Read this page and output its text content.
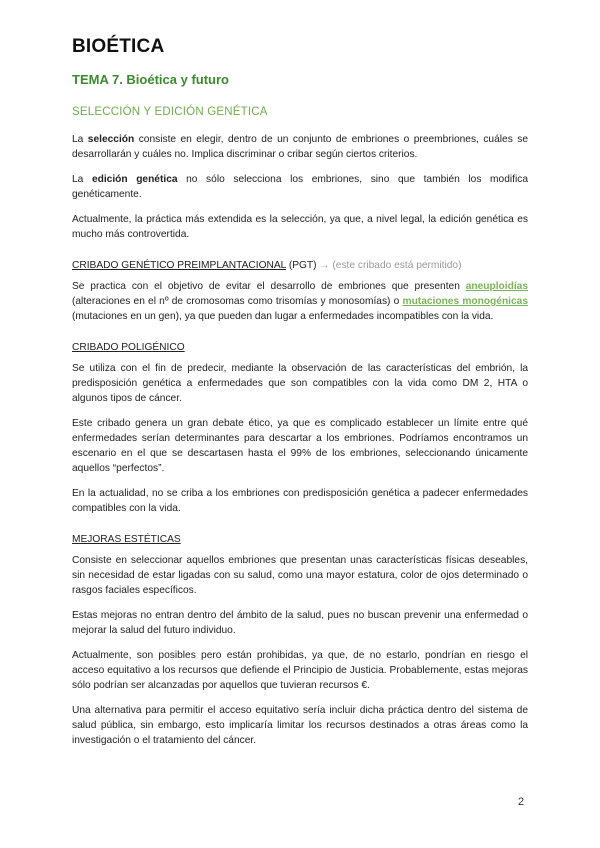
BIOÉTICA
TEMA 7. Bioética y futuro
SELECCIÓN Y EDICIÓN GENÉTICA

La selección consiste en elegir, dentro de un conjunto de embriones o preembriones, cuáles se desarrollarán y cuáles no. Implica discriminar o cribar según ciertos criterios.

La edición genética no sólo selecciona los embriones, sino que también los modifica genéticamente.

Actualmente, la práctica más extendida es la selección, ya que, a nivel legal, la edición genética es mucho más controvertida.

CRIBADO GENÉTICO PREIMPLANTACIONAL (PGT) → (este cribado está permitido)

Se practica con el objetivo de evitar el desarrollo de embriones que presenten aneuploidías (alteraciones en el nº de cromosomas como trisomías y monosomías) o mutaciones monogénicas (mutaciones en un gen), ya que pueden dan lugar a enfermedades incompatibles con la vida.

CRIBADO POLIGÉNICO

Se utiliza con el fin de predecir, mediante la observación de las características del embrión, la predisposición genética a enfermedades que son compatibles con la vida como DM 2, HTA o algunos tipos de cáncer.

Este cribado genera un gran debate ético, ya que es complicado establecer un límite entre qué enfermedades serían determinantes para descartar a los embriones. Podríamos encontramos un escenario en el que se descartasen hasta el 99% de los embriones, seleccionando únicamente aquellos “perfectos”.

En la actualidad, no se criba a los embriones con predisposición genética a padecer enfermedades compatibles con la vida.

MEJORAS ESTÉTICAS

Consiste en seleccionar aquellos embriones que presentan unas características físicas deseables, sin necesidad de estar ligadas con su salud, como una mayor estatura, color de ojos determinado o rasgos faciales específicos.

Estas mejoras no entran dentro del ámbito de la salud, pues no buscan prevenir una enfermedad o mejorar la salud del futuro individuo.

Actualmente, son posibles pero están prohibidas, ya que, de no estarlo, pondrían en riesgo el acceso equitativo a los recursos que defiende el Principio de Justicia. Probablemente, estas mejoras sólo podrían ser alcanzadas por aquellos que tuvieran recursos €.

Una alternativa para permitir el acceso equitativo sería incluir dicha práctica dentro del sistema de salud pública, sin embargo, esto implicaría limitar los recursos destinados a otras áreas como la investigación o el tratamiento del cáncer.

2
